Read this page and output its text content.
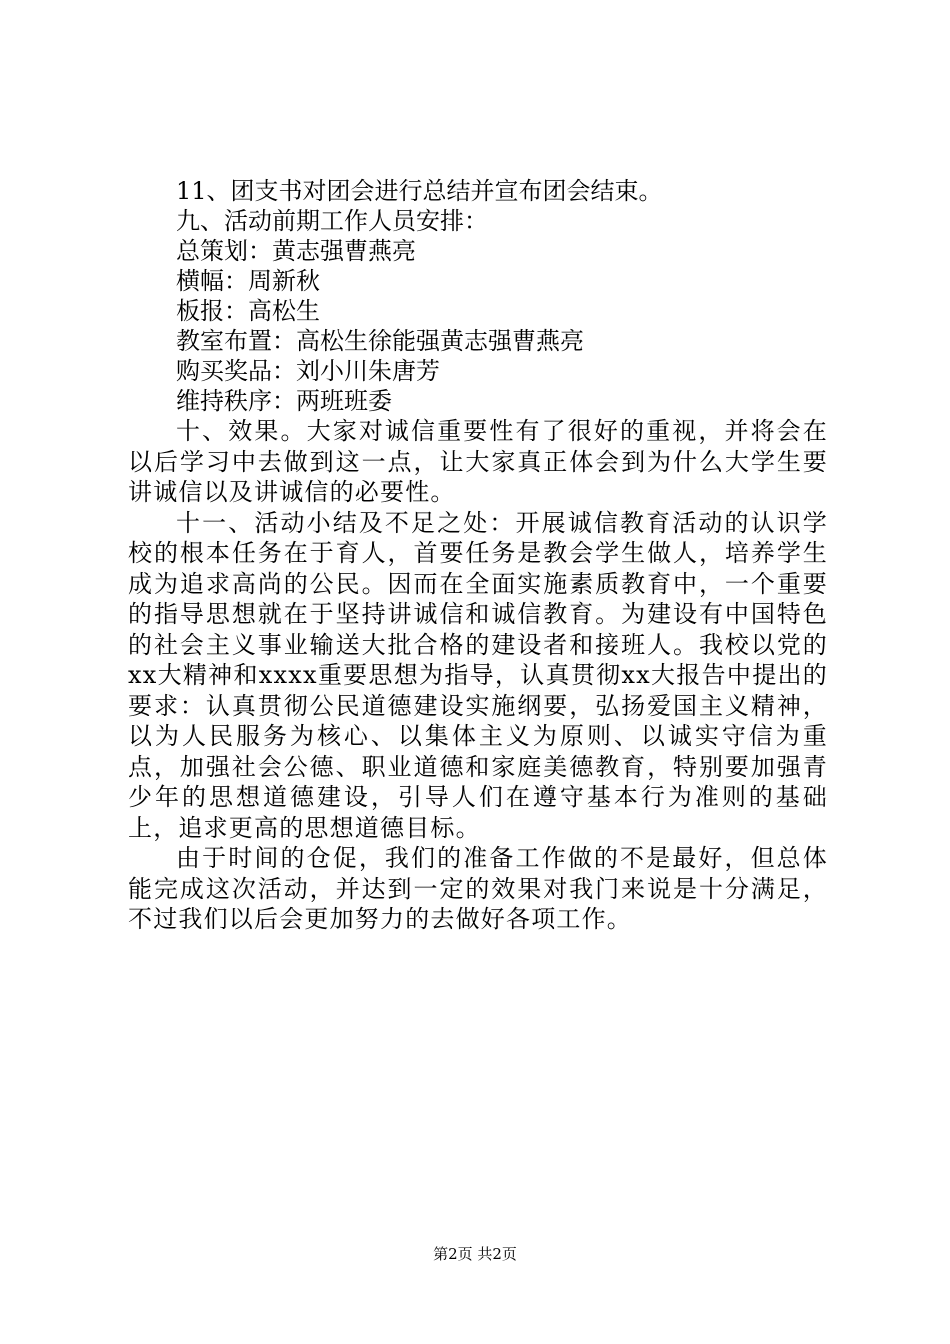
11、团支书对团会进行总结并宣布团会结束。

九、活动前期工作人员安排：

总策划：黄志强曹燕亮

横幅：周新秋

板报：高松生

教室布置：高松生徐能强黄志强曹燕亮

购买奖品：刘小川朱唐芳

维持秩序：两班班委

十、效果。大家对诚信重要性有了很好的重视，并将会在以后学习中去做到这一点，让大家真正体会到为什么大学生要讲诚信以及讲诚信的必要性。

十一、活动小结及不足之处：开展诚信教育活动的认识学校的根本任务在于育人，首要任务是教会学生做人，培养学生成为追求高尚的公民。因而在全面实施素质教育中，一个重要的指导思想就在于坚持讲诚信和诚信教育。为建设有中国特色的社会主义事业输送大批合格的建设者和接班人。我校以党的xx大精神和xxxx重要思想为指导，认真贯彻xx大报告中提出的要求：认真贯彻公民道德建设实施纲要，弘扬爱国主义精神，以为人民服务为核心、以集体主义为原则、以诚实守信为重点，加强社会公德、职业道德和家庭美德教育，特别要加强青少年的思想道德建设，引导人们在遵守基本行为准则的基础上，追求更高的思想道德目标。

由于时间的仓促，我们的准备工作做的不是最好，但总体能完成这次活动，并达到一定的效果对我门来说是十分满足，不过我们以后会更加努力的去做好各项工作。

第2页 共2页
